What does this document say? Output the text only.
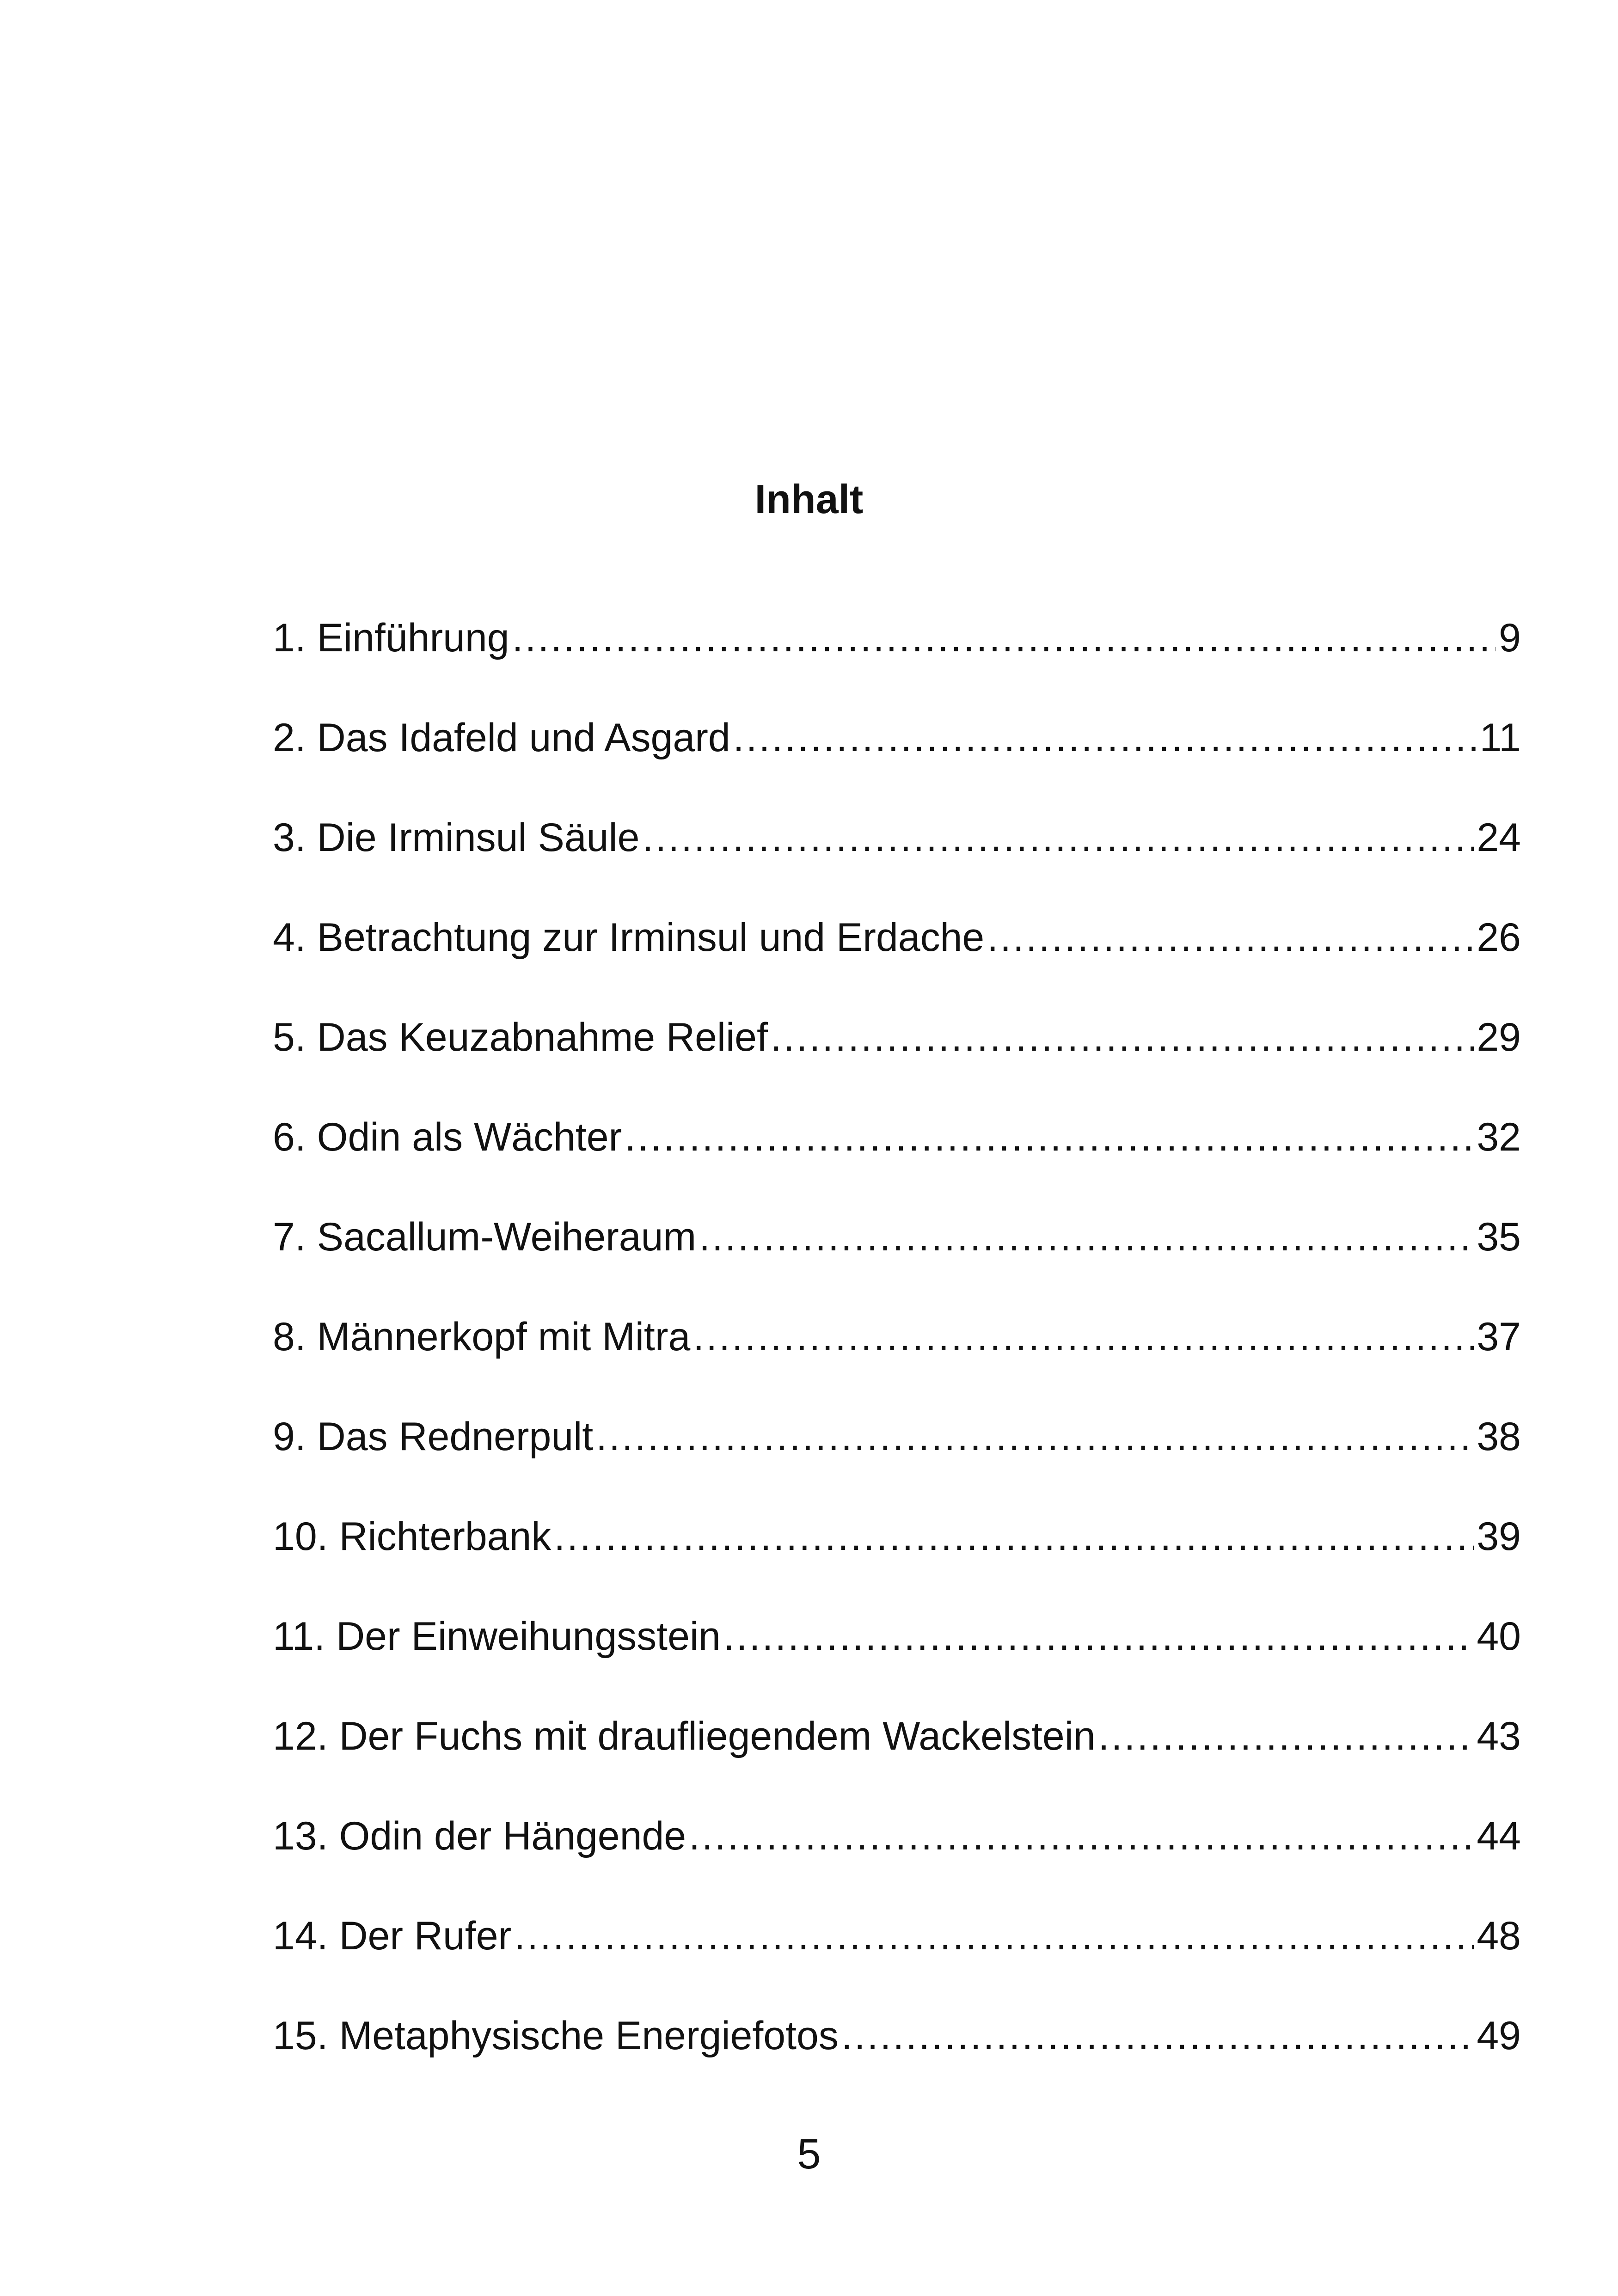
Inhalt
1. Einführung .....	9
2. Das Idafeld und Asgard .....	11
3. Die Irminsul Säule .....	24
4. Betrachtung zur Irminsul und Erdache .....	26
5. Das Keuzabnahme Relief .....	29
6. Odin als Wächter .....	32
7. Sacallum-Weiheraum .....	35
8. Männerkopf mit Mitra .....	37
9. Das Rednerpult .....	38
10. Richterbank .....	39
11. Der Einweihungsstein .....	40
12. Der Fuchs mit draufliegendem Wackelstein .....	43
13. Odin der Hängende .....	44
14. Der Rufer .....	48
15. Metaphysische Energiefotos .....	49
5
